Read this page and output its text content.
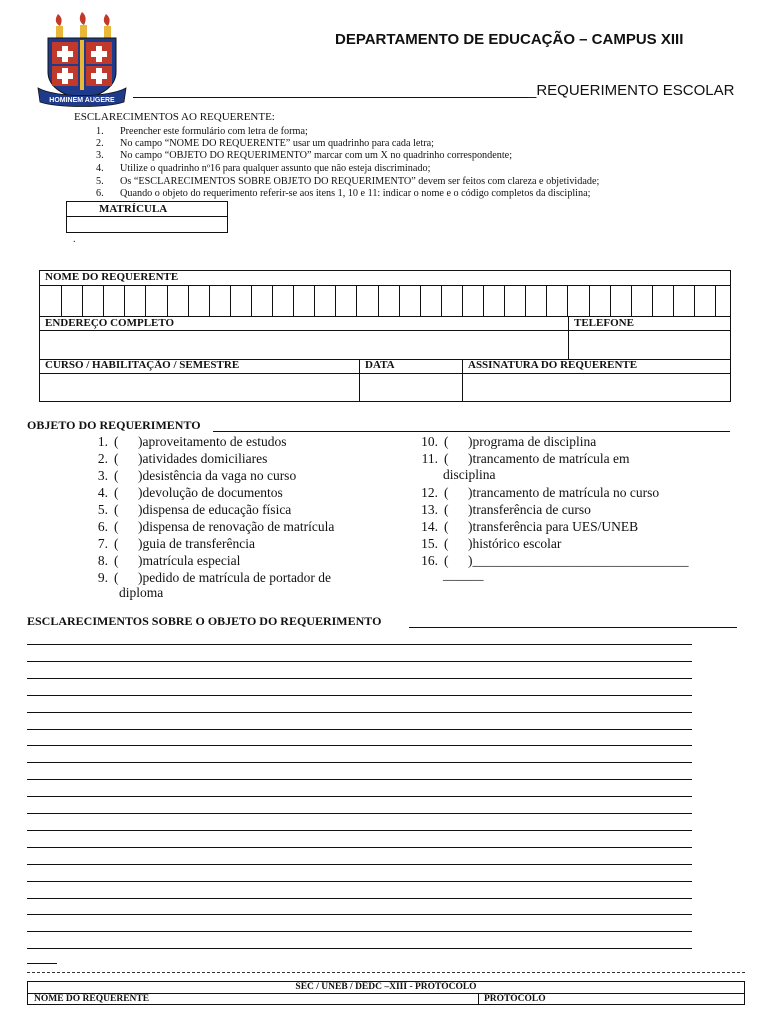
HOMINEM AUGERE
DEPARTAMENTO DE EDUCAÇÃO – CAMPUS XIII
_REQUERIMENTO ESCOLAR
ESCLARECIMENTOS AO REQUERENTE:
1. Preencher este formulário com letra de forma;
2. No campo “NOME DO REQUERENTE” usar um quadrinho para cada letra;
3. No campo “OBJETO DO REQUERIMENTO” marcar com um X no quadrinho correspondente;
4. Utilize o quadrinho nº16 para qualquer assunto que não esteja discriminado;
5. Os “ESCLARECIMENTOS SOBRE OBJETO DO REQUERIMENTO” devem ser feitos com clareza e objetividade;
6. Quando o objeto do requerimento referir-se aos itens 1, 10 e 11: indicar o nome e o código completos da disciplina;
MATRÍCULA
.
NOME DO REQUERENTE
ENDEREÇO COMPLETO	TELEFONE
CURSO / HABILITAÇÃO / SEMESTRE	DATA	ASSINATURA DO REQUERENTE
OBJETO DO REQUERIMENTO
1. ( )aproveitamento de estudos
2. ( )atividades domiciliares
3. ( )desistência da vaga no curso
4. ( )devolução de documentos
5. ( )dispensa de educação física
6. ( )dispensa de renovação de matrícula
7. ( )guia de transferência
8. ( )matrícula especial
9. ( )pedido de matrícula de portador de
diploma
10. ( )programa de disciplina
11. ( )trancamento de matrícula em
12. ( )trancamento de matrícula no curso
13. ( )transferência de curso
14. ( )transferência para UES/UNEB
15. ( )histórico escolar
16. ( )________________________________
disciplina
______
ESCLARECIMENTOS SOBRE O OBJETO DO REQUERIMENTO
SEC / UNEB / DEDC –XIII - PROTOCOLO
NOME DO REQUERENTE	PROTOCOLO
